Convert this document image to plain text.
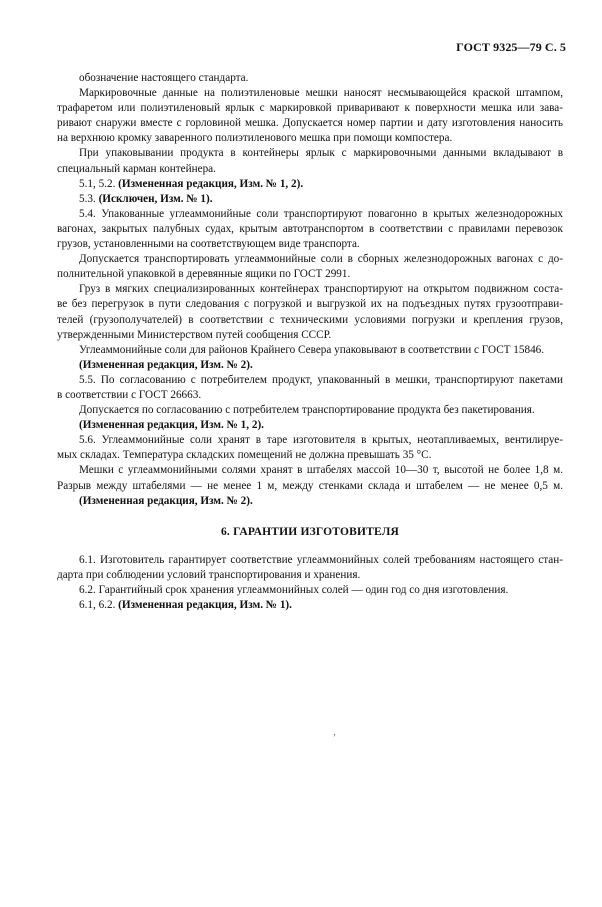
ГОСТ 9325—79 С. 5
обозначение настоящего стандарта.
Маркировочные данные на полиэтиленовые мешки наносят несмывающейся краской штампом,
трафаретом или полиэтиленовый ярлык с маркировкой приваривают к поверхности мешка или зава-
ривают снаружи вместе с горловиной мешка. Допускается номер партии и дату изготовления наносить
на верхнюю кромку заваренного полиэтиленового мешка при помощи компостера.
При упаковывании продукта в контейнеры ярлык с маркировочными данными вкладывают в
специальный карман контейнера.
5.1, 5.2. (Измененная редакция, Изм. № 1, 2).
5.3. (Исключен, Изм. № 1).
5.4. Упакованные углеаммонийные соли транспортируют повагонно в крытых железнодорожных
вагонах, закрытых палубных судах, крытым автотранспортом в соответствии с правилами перевозок
грузов, установленными на соответствующем виде транспорта.
Допускается транспортировать углеаммонийные соли в сборных железнодорожных вагонах с до-
полнительной упаковкой в деревянные ящики по ГОСТ 2991.
Груз в мягких специализированных контейнерах транспортируют на открытом подвижном соста-
ве без перегрузок в пути следования с погрузкой и выгрузкой их на подъездных путях грузоотправи-
телей (грузополучателей) в соответствии с техническими условиями погрузки и крепления грузов,
утвержденными Министерством путей сообщения СССР.
Углеаммонийные соли для районов Крайнего Севера упаковывают в соответствии с ГОСТ 15846.
(Измененная редакция, Изм. № 2).
5.5. По согласованию с потребителем продукт, упакованный в мешки, транспортируют пакетами
в соответствии с ГОСТ 26663.
Допускается по согласованию с потребителем транспортирование продукта без пакетирования.
(Измененная редакция, Изм. № 1, 2).
5.6. Углеаммонийные соли хранят в таре изготовителя в крытых, неотапливаемых, вентилируе-
мых складах. Температура складских помещений не должна превышать 35 °С.
Мешки с углеаммонийными солями хранят в штабелях массой 10—30 т, высотой не более 1,8 м.
Разрыв между штабелями — не менее 1 м, между стенками склада и штабелем — не менее 0,5 м.
(Измененная редакция, Изм. № 2).
6. ГАРАНТИИ ИЗГОТОВИТЕЛЯ
6.1. Изготовитель гарантирует соответствие углеаммонийных солей требованиям настоящего стан-
дарта при соблюдении условий транспортирования и хранения.
6.2. Гарантийный срок хранения углеаммонийных солей — один год со дня изготовления.
6.1, 6.2. (Измененная редакция, Изм. № 1).
‚
